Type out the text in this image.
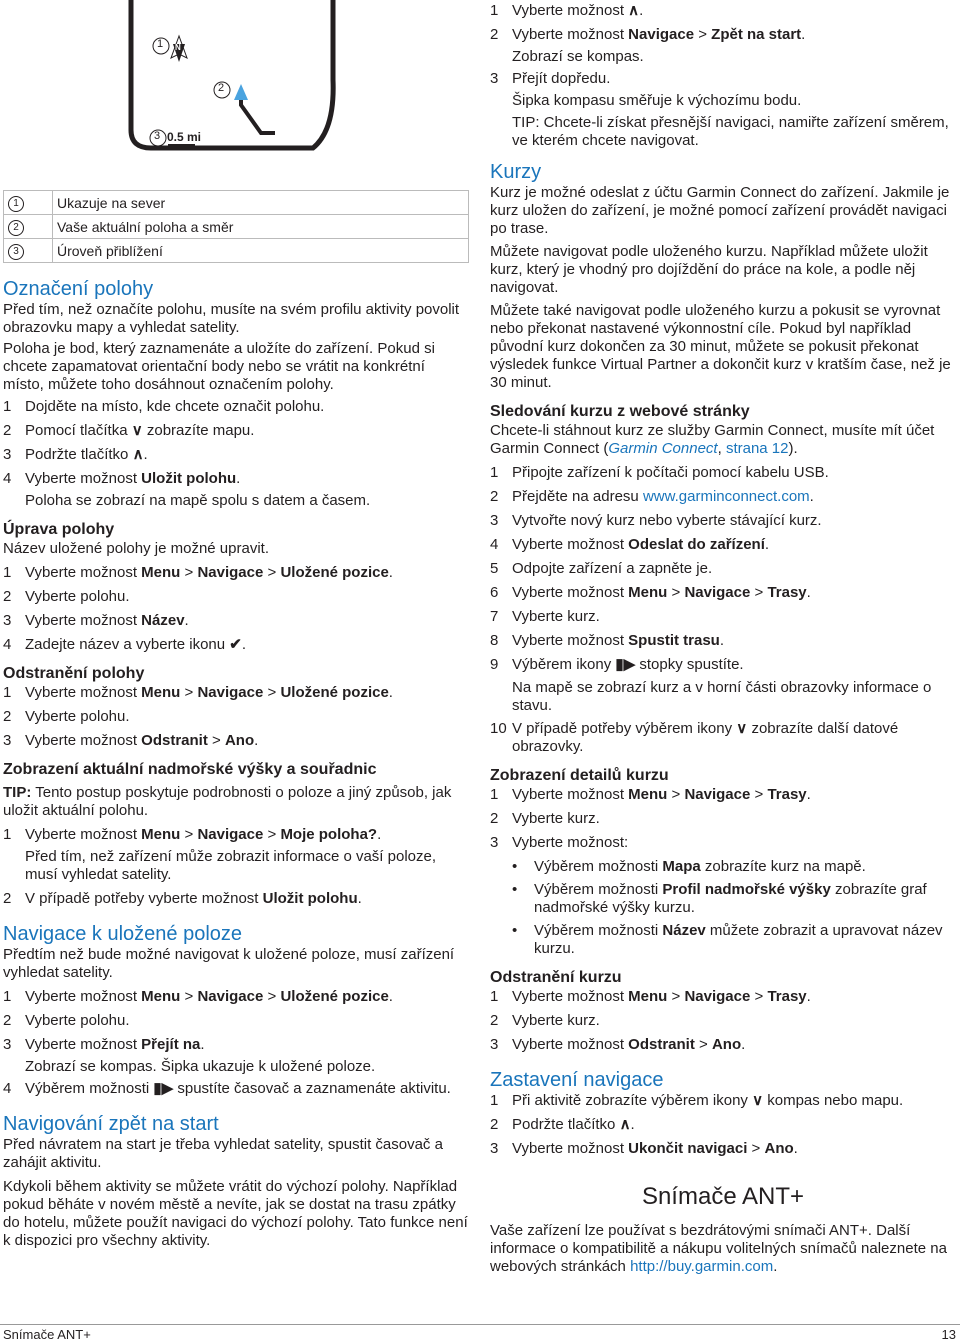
1 N
2
3 0.5 mi
1	Ukazuje na sever
2	Vaše aktuální poloha a směr
3	Úroveň přiblížení
Označení polohy

Před tím, než označíte polohu, musíte na svém profilu aktivity povolit obrazovku mapy a vyhledat satelity.

Poloha je bod, který zaznamenáte a uložíte do zařízení. Pokud si chcete zapamatovat orientační body nebo se vrátit na konkrétní místo, můžete toho dosáhnout označením polohy.

1 Dojděte na místo, kde chcete označit polohu.
2 Pomocí tlačítka ∨ zobrazíte mapu.
3 Podržte tlačítko ∧.
4 Vyberte možnost Uložit polohu.

Poloha se zobrazí na mapě spolu s datem a časem.

Úprava polohy

Název uložené polohy je možné upravit.

1 Vyberte možnost Menu > Navigace > Uložené pozice.
2 Vyberte polohu.
3 Vyberte možnost Název.
4 Zadejte název a vyberte ikonu ✔.
Odstranění polohy
1 Vyberte možnost Menu > Navigace > Uložené pozice.
2 Vyberte polohu.
3 Vyberte možnost Odstranit > Ano.
Zobrazení aktuální nadmořské výšky a souřadnic

TIP: Tento postup poskytuje podrobnosti o poloze a jiný způsob, jak uložit aktuální polohu.

1 Vyberte možnost Menu > Navigace > Moje poloha?.

Před tím, než zařízení může zobrazit informace o vaší poloze, musí vyhledat satelity.

2 V případě potřeby vyberte možnost Uložit polohu.
Navigace k uložené poloze

Předtím než bude možné navigovat k uložené poloze, musí zařízení vyhledat satelity.

1 Vyberte možnost Menu > Navigace > Uložené pozice.
2 Vyberte polohu.
3 Vyberte možnost Přejít na.

Zobrazí se kompas. Šipka ukazuje k uložené poloze.

4 Výběrem možnosti ▮▶ spustíte časovač a zaznamenáte aktivitu.
Navigování zpět na start

Před návratem na start je třeba vyhledat satelity, spustit časovač a zahájit aktivitu.

Kdykoli během aktivity se můžete vrátit do výchozí polohy. Například pokud běháte v novém městě a nevíte, jak se dostat na trasu zpátky do hotelu, můžete použít navigaci do výchozí polohy. Tato funkce není k dispozici pro všechny aktivity.

1 Vyberte možnost ∧.
2 Vyberte možnost Navigace > Zpět na start.

Zobrazí se kompas.

3 Přejít dopředu.

Šipka kompasu směřuje k výchozímu bodu.

TIP: Chcete-li získat přesnější navigaci, namiřte zařízení směrem, ve kterém chcete navigovat.

Kurzy

Kurz je možné odeslat z účtu Garmin Connect do zařízení. Jakmile je kurz uložen do zařízení, je možné pomocí zařízení provádět navigaci po trase.

Můžete navigovat podle uloženého kurzu. Například můžete uložit kurz, který je vhodný pro dojíždění do práce na kole, a podle něj navigovat.

Můžete také navigovat podle uloženého kurzu a pokusit se vyrovnat nebo překonat nastavené výkonnostní cíle. Pokud byl například původní kurz dokončen za 30 minut, můžete se pokusit překonat výsledek funkce Virtual Partner a dokončit kurz v kratším čase, než je 30 minut.

Sledování kurzu z webové stránky

Chcete-li stáhnout kurz ze služby Garmin Connect, musíte mít účet Garmin Connect (Garmin Connect, strana 12).

1 Připojte zařízení k počítači pomocí kabelu USB.
2 Přejděte na adresu www.garminconnect.com.
3 Vytvořte nový kurz nebo vyberte stávající kurz.
4 Vyberte možnost Odeslat do zařízení.
5 Odpojte zařízení a zapněte je.
6 Vyberte možnost Menu > Navigace > Trasy.
7 Vyberte kurz.
8 Vyberte možnost Spustit trasu.
9 Výběrem ikony ▮▶ stopky spustíte.

Na mapě se zobrazí kurz a v horní části obrazovky informace o stavu.

10 V případě potřeby výběrem ikony ∨ zobrazíte další datové obrazovky.
Zobrazení detailů kurzu
1 Vyberte možnost Menu > Navigace > Trasy.
2 Vyberte kurz.
3 Vyberte možnost:
•	Výběrem možnosti Mapa zobrazíte kurz na mapě.
•	Výběrem možnosti Profil nadmořské výšky zobrazíte graf nadmořské výšky kurzu.
•	Výběrem možnosti Název můžete zobrazit a upravovat název kurzu.
Odstranění kurzu
1 Vyberte možnost Menu > Navigace > Trasy.
2 Vyberte kurz.
3 Vyberte možnost Odstranit > Ano.
Zastavení navigace
1 Při aktivitě zobrazíte výběrem ikony ∨ kompas nebo mapu.
2 Podržte tlačítko ∧.
3 Vyberte možnost Ukončit navigaci > Ano.
Snímače ANT+

Vaše zařízení lze používat s bezdrátovými snímači ANT+. Další informace o kompatibilitě a nákupu volitelných snímačů naleznete na webových stránkách http://buy.garmin.com.

Snímače ANT+	13
